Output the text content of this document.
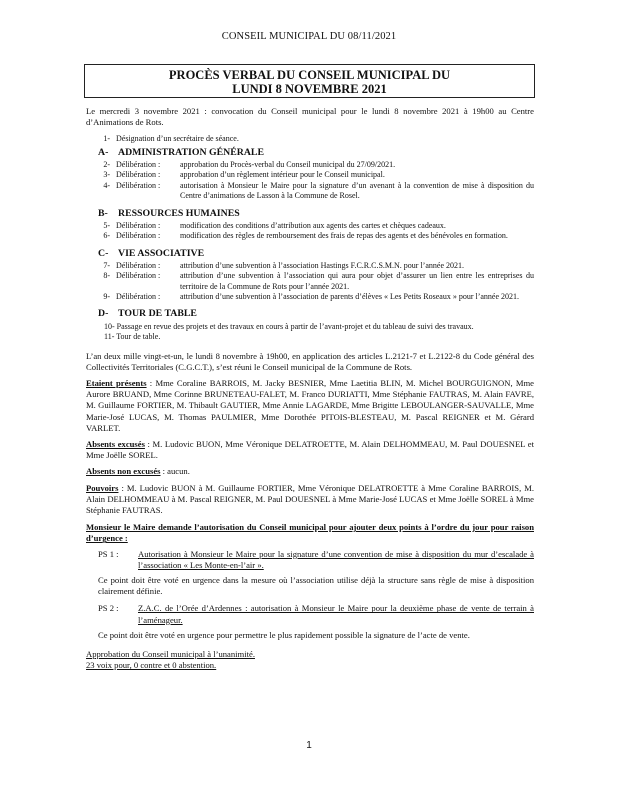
CONSEIL MUNICIPAL DU 08/11/2021
PROCÈS VERBAL DU CONSEIL MUNICIPAL DU
LUNDI 8 NOVEMBRE 2021

Le mercredi 3 novembre 2021 : convocation du Conseil municipal pour le lundi 8 novembre 2021 à 19h00 au Centre d’Animations de Rots.

1- Désignation d’un secrétaire de séance.
A- ADMINISTRATION GÉNÉRALE
2- Délibération :	approbation du Procès-verbal du Conseil municipal du 27/09/2021.
3- Délibération :	approbation d’un règlement intérieur pour le Conseil municipal.
4- Délibération :	autorisation à Monsieur le Maire pour la signature d’un avenant à la convention de mise à disposition du Centre d’animations de Lasson à la Commune de Rosel.
B- RESSOURCES HUMAINES
5- Délibération :	modification des conditions d’attribution aux agents des cartes et chèques cadeaux.
6- Délibération :	modification des règles de remboursement des frais de repas des agents et des bénévoles en formation.
C- VIE ASSOCIATIVE
7- Délibération :	attribution d’une subvention à l’association Hastings F.C.R.C.S.M.N. pour l’année 2021.
8- Délibération :	attribution d’une subvention à l’association qui aura pour objet d’assurer un lien entre les entreprises du territoire de la Commune de Rots pour l’année 2021.
9- Délibération :	attribution d’une subvention à l’association de parents d’élèves « Les Petits Roseaux » pour l’année 2021.
D- TOUR DE TABLE
10- Passage en revue des projets et des travaux en cours à partir de l’avant-projet et du tableau de suivi des travaux.
11- Tour de table.

L’an deux mille vingt-et-un, le lundi 8 novembre à 19h00, en application des articles L.2121-7 et L.2122-8 du Code général des Collectivités Territoriales (C.G.C.T.), s’est réuni le Conseil municipal de la Commune de Rots.

Etaient présents : Mme Coraline BARROIS, M. Jacky BESNIER, Mme Laetitia BLIN, M. Michel BOURGUIGNON, Mme Aurore BRUAND, Mme Corinne BRUNETEAU-FALET, M. Franco DURIATTI, Mme Stéphanie FAUTRAS, M. Alain FAVRE, M. Guillaume FORTIER, M. Thibault GAUTIER, Mme Annie LAGARDE, Mme Brigitte LEBOULANGER-SAUVALLE, Mme Marie-José LUCAS, M. Thomas PAULMIER, Mme Dorothée PITOIS-BLESTEAU, M. Pascal REIGNER et M. Gérard VARLET.

Absents excusés : M. Ludovic BUON, Mme Véronique DELATROETTE, M. Alain DELHOMMEAU, M. Paul DOUESNEL et Mme Joëlle SOREL.

Absents non excusés : aucun.

Pouvoirs : M. Ludovic BUON à M. Guillaume FORTIER, Mme Véronique DELATROETTE à Mme Coraline BARROIS, M. Alain DELHOMMEAU à M. Pascal REIGNER, M. Paul DOUESNEL à Mme Marie-José LUCAS et Mme Joëlle SOREL à Mme Stéphanie FAUTRAS.

Monsieur le Maire demande l’autorisation du Conseil municipal pour ajouter deux points à l’ordre du jour pour raison d’urgence :

PS 1 :	Autorisation à Monsieur le Maire pour la signature d’une convention de mise à disposition du mur d’escalade à l’association « Les Monte-en-l’air ».

Ce point doit être voté en urgence dans la mesure où l’association utilise déjà la structure sans règle de mise à disposition clairement définie.

PS 2 :	Z.A.C. de l’Orée d’Ardennes : autorisation à Monsieur le Maire pour la deuxième phase de vente de terrain à l’aménageur.

Ce point doit être voté en urgence pour permettre le plus rapidement possible la signature de l’acte de vente.

Approbation du Conseil municipal à l’unanimité.
23 voix pour, 0 contre et 0 abstention.
1
